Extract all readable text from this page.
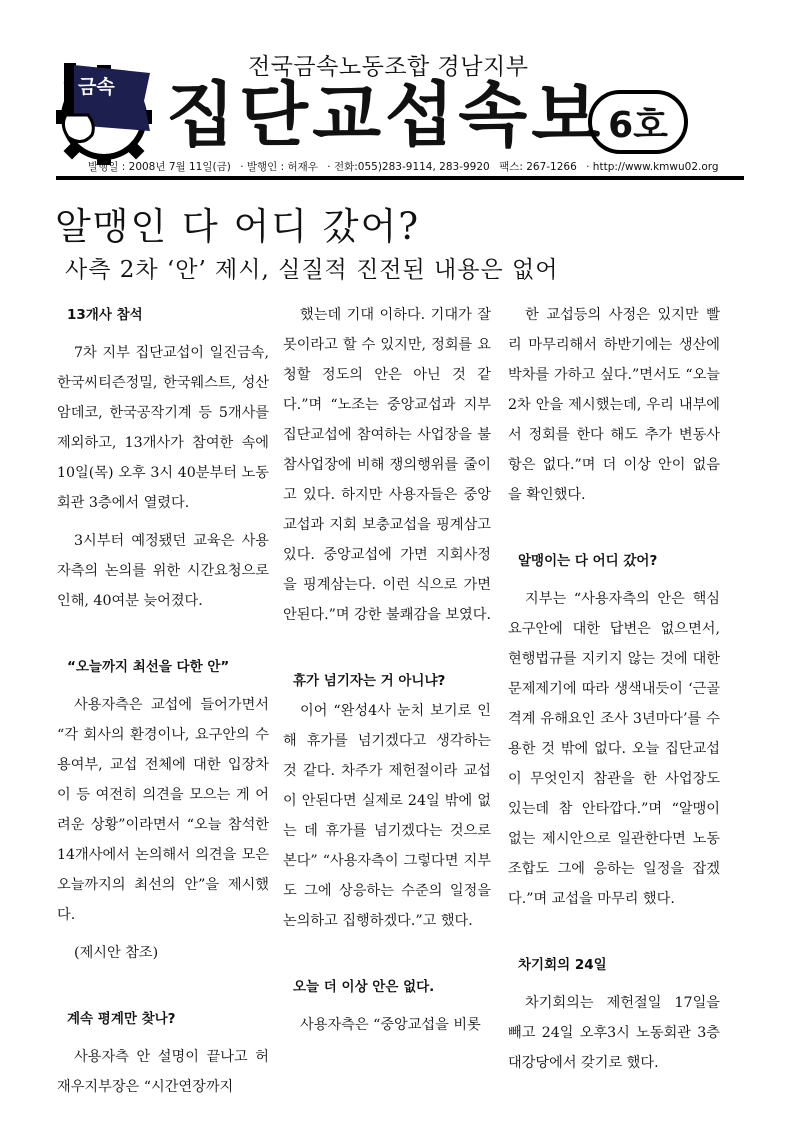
전국금속노동조합 경남지부
집단교섭속보 6호
발행일 : 2008년 7월 11일(금) · 발행인 : 허재우 · 전화:055)283-9114, 283-9920 팩스: 267-1266 · http://www.kmwu02.org
금속
알맹인 다 어디 갔어?
사측 2차 ‘안’ 제시, 실질적 진전된 내용은 없어
13개사 참석

7차 지부 집단교섭이 일진금속, 한국씨티즌정밀, 한국웨스트, 성산암데코, 한국공작기계 등 5개사를 제외하고, 13개사가 참여한 속에 10일(목) 오후 3시 40분부터 노동회관 3층에서 열렸다.

3시부터 예정됐던 교육은 사용자측의 논의를 위한 시간요청으로 인해, 40여분 늦어졌다.

“오늘까지 최선을 다한 안”

사용자측은 교섭에 들어가면서 “각 회사의 환경이나, 요구안의 수용여부, 교섭 전체에 대한 입장차이 등 여전히 의견을 모으는 게 어려운 상황”이라면서 “오늘 참석한 14개사에서 논의해서 의견을 모은 오늘까지의 최선의 안”을 제시했다.

(제시안 참조)

계속 평계만 찾나?

사용자측 안 설명이 끝나고 허재우지부장은 “시간연장까지

했는데 기대 이하다. 기대가 잘못이라고 할 수 있지만, 정회를 요청할 정도의 안은 아닌 것 같다.”며 “노조는 중앙교섭과 지부집단교섭에 참여하는 사업장을 불참사업장에 비해 쟁의행위를 줄이고 있다. 하지만 사용자들은 중앙교섭과 지회 보충교섭을 핑계삼고 있다. 중앙교섭에 가면 지회사정을 핑계삼는다. 이런 식으로 가면 안된다.”며 강한 불쾌감을 보였다.

휴가 넘기자는 거 아니냐?

이어 “완성4사 눈치 보기로 인해 휴가를 넘기겠다고 생각하는 것 같다. 차주가 제헌절이라 교섭이 안된다면 실제로 24일 밖에 없는 데 휴가를 넘기겠다는 것으로 본다” “사용자측이 그렇다면 지부도 그에 상응하는 수준의 일정을 논의하고 집행하겠다.”고 했다.

오늘 더 이상 안은 없다.

사용자측은 “중앙교섭을 비롯

한 교섭등의 사정은 있지만 빨리 마무리해서 하반기에는 생산에 박차를 가하고 싶다.”면서도 “오늘 2차 안을 제시했는데, 우리 내부에서 정회를 한다 해도 추가 변동사항은 없다.”며 더 이상 안이 없음을 확인했다.

알맹이는 다 어디 갔어?

지부는 “사용자측의 안은 핵심요구안에 대한 답변은 없으면서, 현행법규를 지키지 않는 것에 대한 문제제기에 따라 생색내듯이 ‘근골격계 유해요인 조사 3년마다’를 수용한 것 밖에 없다. 오늘 집단교섭이 무엇인지 참관을 한 사업장도 있는데 참 안타깝다.”며 “알맹이 없는 제시안으로 일관한다면 노동조합도 그에 응하는 일정을 잡겠다.”며 교섭을 마무리 했다.

차기회의 24일

차기회의는 제헌절일 17일을 빼고 24일 오후3시 노동회관 3층 대강당에서 갖기로 했다.
